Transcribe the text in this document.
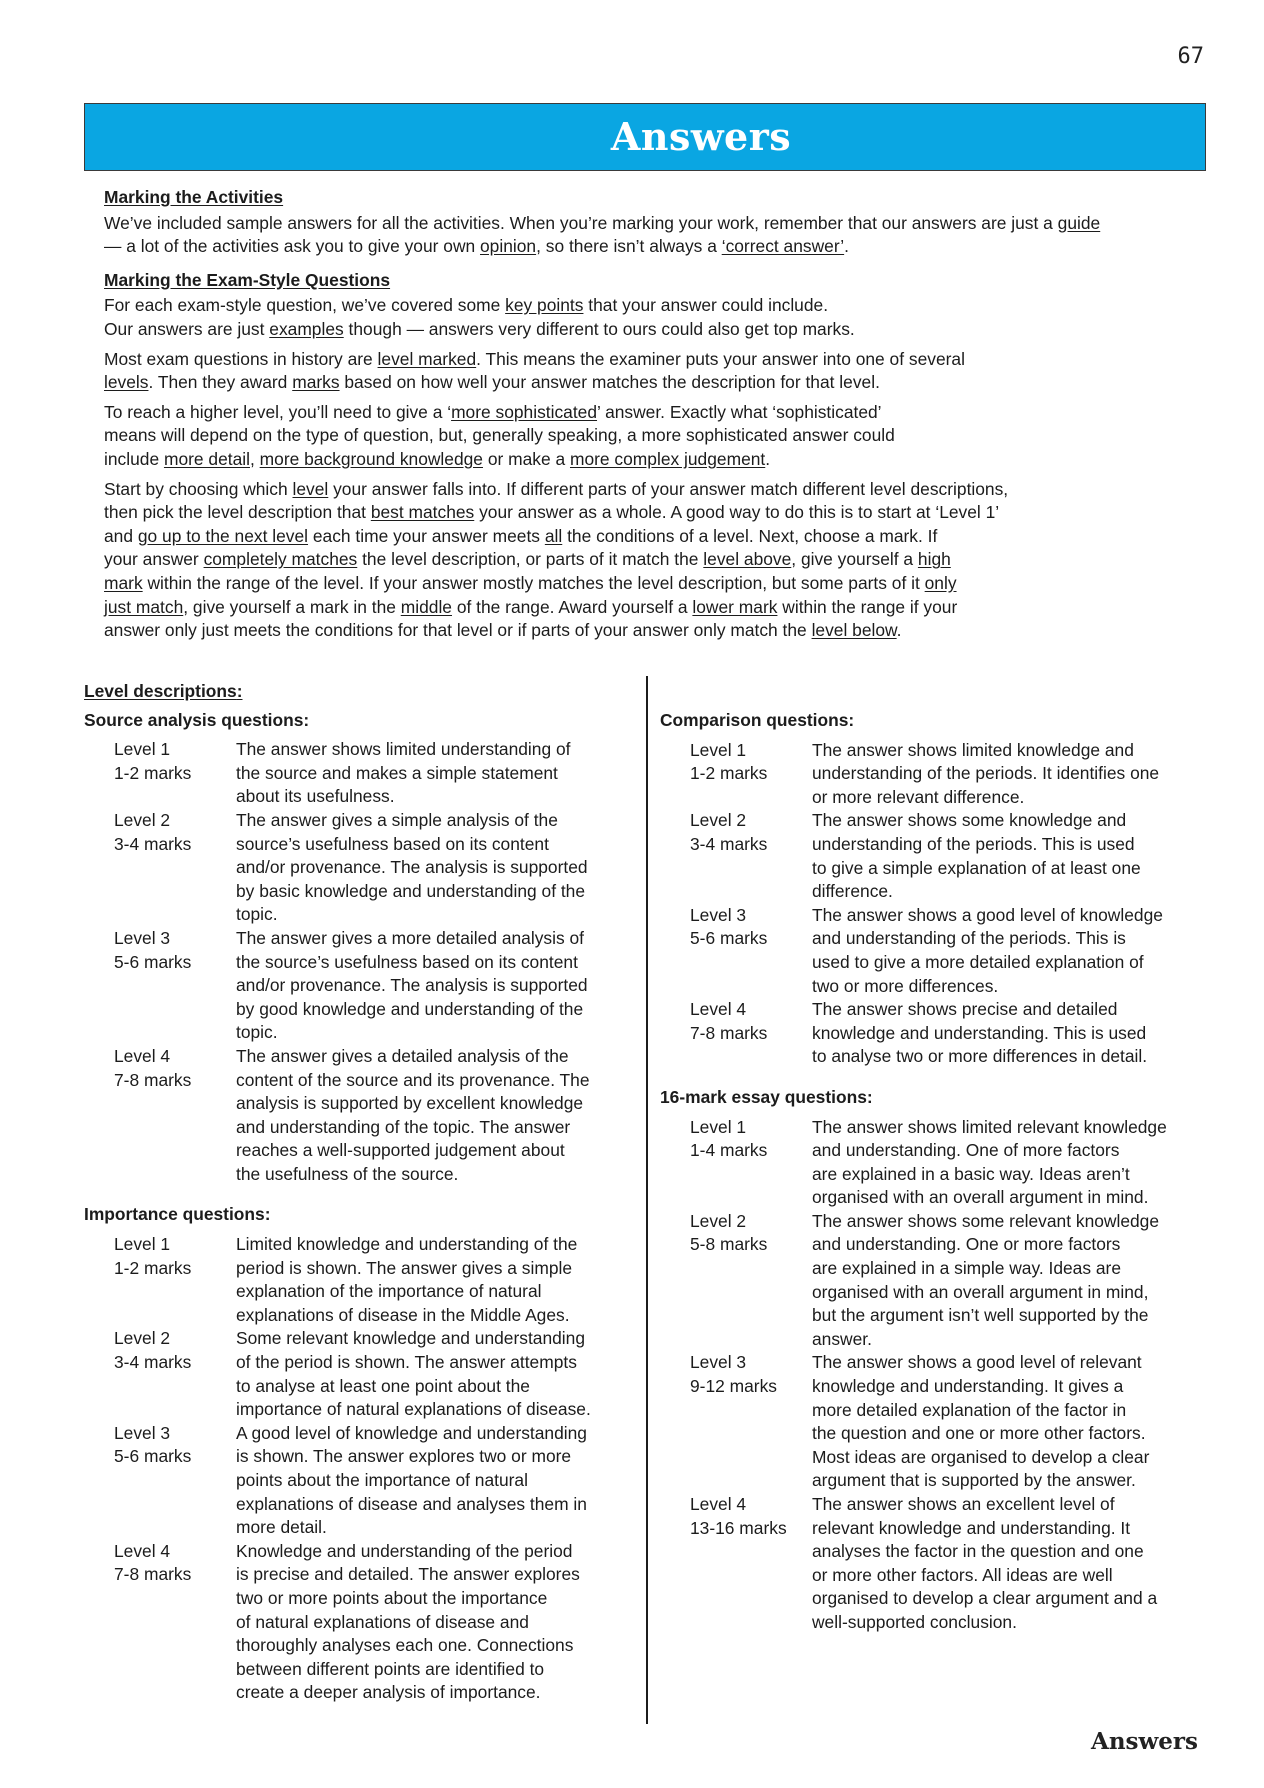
67
Answers
Marking the Activities

We’ve included sample answers for all the activities. When you’re marking your work, remember that our answers are just a guide — a lot of the activities ask you to give your own opinion, so there isn’t always a ‘correct answer’.

Marking the Exam-Style Questions

For each exam-style question, we’ve covered some key points that your answer could include.
Our answers are just examples though — answers very different to ours could also get top marks.

Most exam questions in history are level marked. This means the examiner puts your answer into one of several
levels. Then they award marks based on how well your answer matches the description for that level.

To reach a higher level, you’ll need to give a ‘more sophisticated’ answer. Exactly what ‘sophisticated’
means will depend on the type of question, but, generally speaking, a more sophisticated answer could
include more detail, more background knowledge or make a more complex judgement.

Start by choosing which level your answer falls into. If different parts of your answer match different level descriptions,
then pick the level description that best matches your answer as a whole. A good way to do this is to start at ‘Level 1’
and go up to the next level each time your answer meets all the conditions of a level. Next, choose a mark. If
your answer completely matches the level description, or parts of it match the level above, give yourself a high
mark within the range of the level. If your answer mostly matches the level description, but some parts of it only
just match, give yourself a mark in the middle of the range. Award yourself a lower mark within the range if your
answer only just meets the conditions for that level or if parts of your answer only match the level below.

Level descriptions:
Source analysis questions:
Level 1
1-2 marks
The answer shows limited understanding of
the source and makes a simple statement
about its usefulness.
Level 2
3-4 marks
The answer gives a simple analysis of the
source’s usefulness based on its content
and/or provenance. The analysis is supported
by basic knowledge and understanding of the
topic.
Level 3
5-6 marks
The answer gives a more detailed analysis of
the source’s usefulness based on its content
and/or provenance. The analysis is supported
by good knowledge and understanding of the
topic.
Level 4
7-8 marks
The answer gives a detailed analysis of the
content of the source and its provenance. The
analysis is supported by excellent knowledge
and understanding of the topic. The answer
reaches a well-supported judgement about
the usefulness of the source.
Importance questions:
Level 1
1-2 marks
Limited knowledge and understanding of the
period is shown. The answer gives a simple
explanation of the importance of natural
explanations of disease in the Middle Ages.
Level 2
3-4 marks
Some relevant knowledge and understanding
of the period is shown. The answer attempts
to analyse at least one point about the
importance of natural explanations of disease.
Level 3
5-6 marks
A good level of knowledge and understanding
is shown. The answer explores two or more
points about the importance of natural
explanations of disease and analyses them in
more detail.
Level 4
7-8 marks
Knowledge and understanding of the period
is precise and detailed. The answer explores
two or more points about the importance
of natural explanations of disease and
thoroughly analyses each one. Connections
between different points are identified to
create a deeper analysis of importance.
Comparison questions:
Level 1
1-2 marks
The answer shows limited knowledge and
understanding of the periods. It identifies one
or more relevant difference.
Level 2
3-4 marks
The answer shows some knowledge and
understanding of the periods. This is used
to give a simple explanation of at least one
difference.
Level 3
5-6 marks
The answer shows a good level of knowledge
and understanding of the periods. This is
used to give a more detailed explanation of
two or more differences.
Level 4
7-8 marks
The answer shows precise and detailed
knowledge and understanding. This is used
to analyse two or more differences in detail.
16-mark essay questions:
Level 1
1-4 marks
The answer shows limited relevant knowledge
and understanding. One of more factors
are explained in a basic way. Ideas aren’t
organised with an overall argument in mind.
Level 2
5-8 marks
The answer shows some relevant knowledge
and understanding. One or more factors
are explained in a simple way. Ideas are
organised with an overall argument in mind,
but the argument isn’t well supported by the
answer.
Level 3
9-12 marks
The answer shows a good level of relevant
knowledge and understanding. It gives a
more detailed explanation of the factor in
the question and one or more other factors.
Most ideas are organised to develop a clear
argument that is supported by the answer.
Level 4
13-16 marks
The answer shows an excellent level of
relevant knowledge and understanding. It
analyses the factor in the question and one
or more other factors. All ideas are well
organised to develop a clear argument and a
well-supported conclusion.
Answers
